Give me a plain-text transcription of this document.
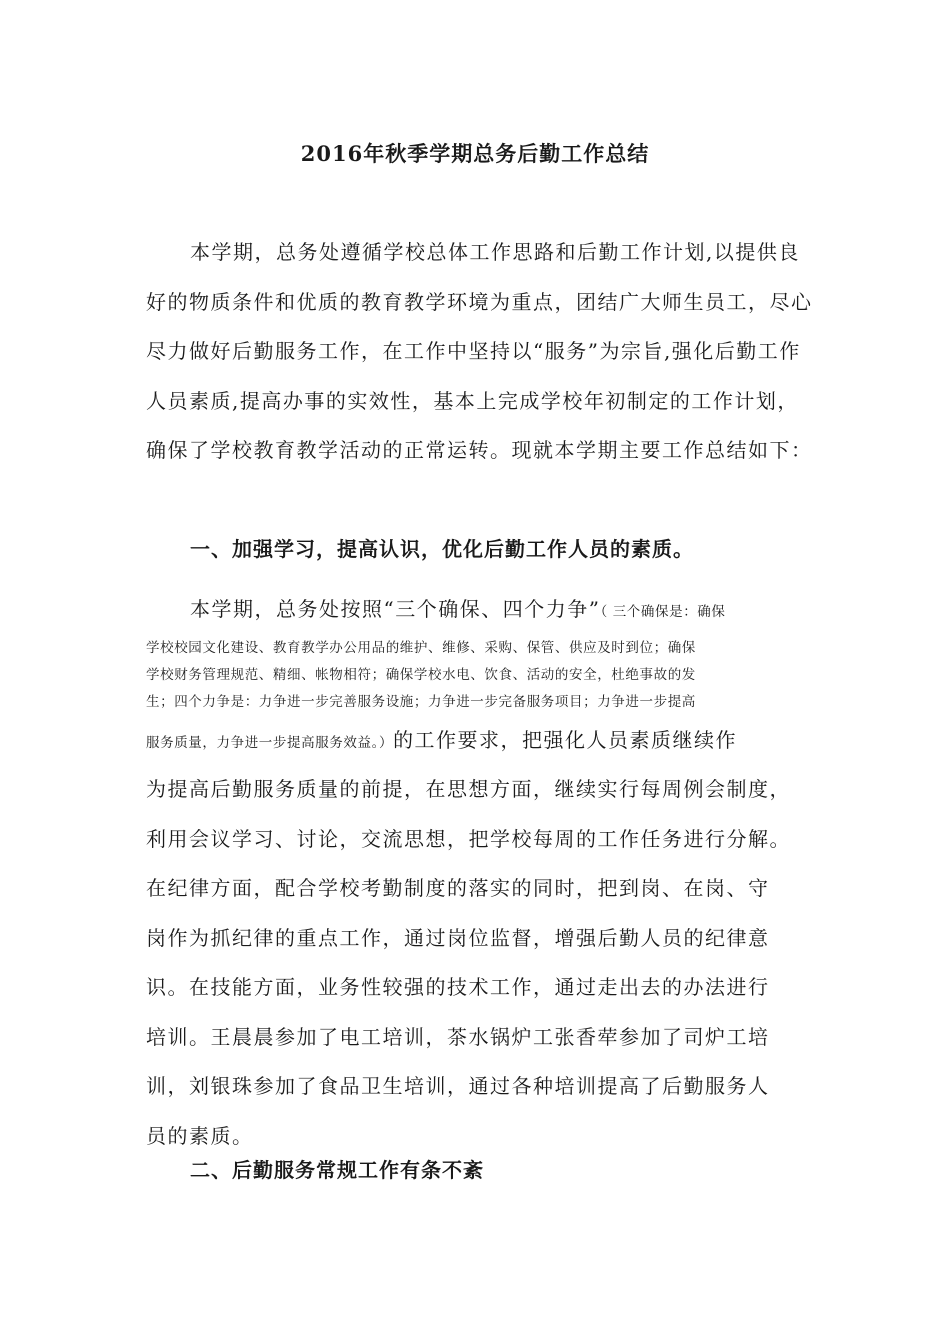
2016年秋季学期总务后勤工作总结

本学期，总务处遵循学校总体工作思路和后勤工作计划,以提供良好的物质条件和优质的教育教学环境为重点，团结广大师生员工，尽心尽力做好后勤服务工作，在工作中坚持以“服务”为宗旨,强化后勤工作人员素质,提高办事的实效性，基本上完成学校年初制定的工作计划，确保了学校教育教学活动的正常运转。现就本学期主要工作总结如下：

一、加强学习，提高认识，优化后勤工作人员的素质。

本学期，总务处按照“三个确保、四个力争”（ 三个确保是：确保
学校校园文化建设、教育教学办公用品的维护、维修、采购、保管、供应及时到位；确保
学校财务管理规范、精细、帐物相符；确保学校水电、饮食、活动的安全，杜绝事故的发
生；四个力争是：力争进一步完善服务设施；力争进一步完备服务项目；力争进一步提高
服务质量，力争进一步提高服务效益。）的工作要求，把强化人员素质继续作
为提高后勤服务质量的前提，在思想方面，继续实行每周例会制度，
利用会议学习、讨论，交流思想，把学校每周的工作任务进行分解。
在纪律方面，配合学校考勤制度的落实的同时，把到岗、在岗、守
岗作为抓纪律的重点工作，通过岗位监督，增强后勤人员的纪律意
识。在技能方面，业务性较强的技术工作，通过走出去的办法进行
培训。王晨晨参加了电工培训，茶水锅炉工张香荦参加了司炉工培
训，刘银珠参加了食品卫生培训，通过各种培训提高了后勤服务人
员的素质。

二、后勤服务常规工作有条不紊
